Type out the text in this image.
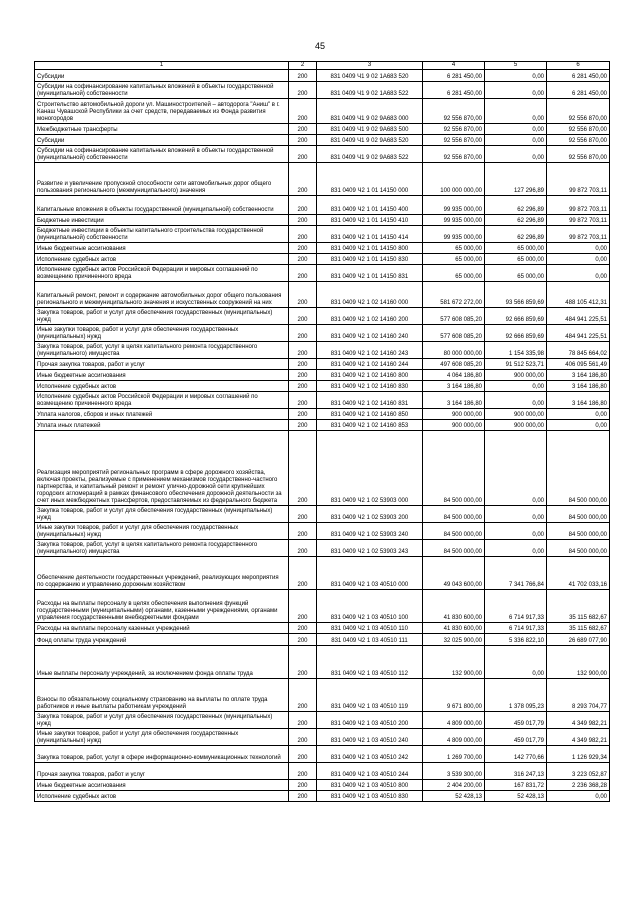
45
1	2	3	4	5	6
Субсидии	200	831 0409 Ч1 9 02 1А683 520	6 281 450,00	0,00	6 281 450,00
Субсидии на софинансирование капитальных вложений в объекты государственной (муниципальной) собственности	200	831 0409 Ч1 9 02 1А683 522	6 281 450,00	0,00	6 281 450,00
Строительство автомобильной дороги ул. Машиностроителей – автодорога "Аниш" в г. Канаш Чувашской Республики за счет средств, передаваемых из Фонда развития моногородов	200	831 0409 Ч1 9 02 9А683 000	92 556 870,00	0,00	92 556 870,00
Межбюджетные трансферты	200	831 0409 Ч1 9 02 9А683 500	92 556 870,00	0,00	92 556 870,00
Субсидии	200	831 0409 Ч1 9 02 9А683 520	92 556 870,00	0,00	92 556 870,00
Субсидии на софинансирование капитальных вложений в объекты государственной (муниципальной) собственности	200	831 0409 Ч1 9 02 9А683 522	92 556 870,00	0,00	92 556 870,00
Развитие и увеличение пропускной способности сети автомобильных дорог общего пользования регионального (межмуниципального) значения	200	831 0409 Ч2 1 01 14150 000	100 000 000,00	127 296,89	99 872 703,11
Капитальные вложения в объекты государственной (муниципальной) собственности	200	831 0409 Ч2 1 01 14150 400	99 935 000,00	62 296,89	99 872 703,11
Бюджетные инвестиции	200	831 0409 Ч2 1 01 14150 410	99 935 000,00	62 296,89	99 872 703,11
Бюджетные инвестиции в объекты капитального строительства государственной (муниципальной) собственности	200	831 0409 Ч2 1 01 14150 414	99 935 000,00	62 296,89	99 872 703,11
Иные бюджетные ассигнования	200	831 0409 Ч2 1 01 14150 800	65 000,00	65 000,00	0,00
Исполнение судебных актов	200	831 0409 Ч2 1 01 14150 830	65 000,00	65 000,00	0,00
Исполнение судебных актов Российской Федерации и мировых соглашений по возмещению причиненного вреда	200	831 0409 Ч2 1 01 14150 831	65 000,00	65 000,00	0,00
Капитальный ремонт, ремонт и содержание автомобильных дорог общего пользования регионального и межмуниципального значения и искусственных сооружений на них	200	831 0409 Ч2 1 02 14160 000	581 672 272,00	93 566 859,69	488 105 412,31
Закупка товаров, работ и услуг для обеспечения государственных (муниципальных) нужд	200	831 0409 Ч2 1 02 14160 200	577 608 085,20	92 666 859,69	484 941 225,51
Иные закупки товаров, работ и услуг для обеспечения государственных (муниципальных) нужд	200	831 0409 Ч2 1 02 14160 240	577 608 085,20	92 666 859,69	484 941 225,51
Закупка товаров, работ, услуг в целях капитального ремонта государственного (муниципального) имущества	200	831 0409 Ч2 1 02 14160 243	80 000 000,00	1 154 335,98	78 845 664,02
Прочая закупка товаров, работ и услуг	200	831 0409 Ч2 1 02 14160 244	497 608 085,20	91 512 523,71	406 095 561,49
Иные бюджетные ассигнования	200	831 0409 Ч2 1 02 14160 800	4 064 186,80	900 000,00	3 164 186,80
Исполнение судебных актов	200	831 0409 Ч2 1 02 14160 830	3 164 186,80	0,00	3 164 186,80
Исполнение судебных актов Российской Федерации и мировых соглашений по возмещению причиненного вреда	200	831 0409 Ч2 1 02 14160 831	3 164 186,80	0,00	3 164 186,80
Уплата налогов, сборов и иных платежей	200	831 0409 Ч2 1 02 14160 850	900 000,00	900 000,00	0,00
Уплата иных платежей	200	831 0409 Ч2 1 02 14160 853	900 000,00	900 000,00	0,00
Реализация мероприятий региональных программ в сфере дорожного хозяйства, включая проекты, реализуемые с применением механизмов государственно-частного партнерства, и капитальный ремонт и ремонт улично-дорожной сети крупнейших городских агломераций в рамках финансового обеспечения дорожной деятельности за счет иных межбюджетных трансфертов, предоставляемых из федерального бюджета	200	831 0409 Ч2 1 02 53903 000	84 500 000,00	0,00	84 500 000,00
Закупка товаров, работ и услуг для обеспечения государственных (муниципальных) нужд	200	831 0409 Ч2 1 02 53903 200	84 500 000,00	0,00	84 500 000,00
Иные закупки товаров, работ и услуг для обеспечения государственных (муниципальных) нужд	200	831 0409 Ч2 1 02 53903 240	84 500 000,00	0,00	84 500 000,00
Закупка товаров, работ, услуг в целях капитального ремонта государственного (муниципального) имущества	200	831 0409 Ч2 1 02 53903 243	84 500 000,00	0,00	84 500 000,00
Обеспечение деятельности государственных учреждений, реализующих мероприятия по содержанию и управлению дорожным хозяйством	200	831 0409 Ч2 1 03 40510 000	49 043 600,00	7 341 766,84	41 702 033,16
Расходы на выплаты персоналу в целях обеспечения выполнения функций государственными (муниципальными) органами, казенными учреждениями, органами управления государственными внебюджетными фондами	200	831 0409 Ч2 1 03 40510 100	41 830 600,00	6 714 917,33	35 115 682,67
Расходы на выплаты персоналу казенных учреждений	200	831 0409 Ч2 1 03 40510 110	41 830 600,00	6 714 917,33	35 115 682,67
Фонд оплаты труда учреждений	200	831 0409 Ч2 1 03 40510 111	32 025 900,00	5 336 822,10	26 689 077,90
Иные выплаты персоналу учреждений, за исключением фонда оплаты труда	200	831 0409 Ч2 1 03 40510 112	132 900,00	0,00	132 900,00
Взносы по обязательному социальному страхованию на выплаты по оплате труда работников и иные выплаты работникам учреждений	200	831 0409 Ч2 1 03 40510 119	9 671 800,00	1 378 095,23	8 293 704,77
Закупка товаров, работ и услуг для обеспечения государственных (муниципальных) нужд	200	831 0409 Ч2 1 03 40510 200	4 809 000,00	459 017,79	4 349 982,21
Иные закупки товаров, работ и услуг для обеспечения государственных (муниципальных) нужд	200	831 0409 Ч2 1 03 40510 240	4 809 000,00	459 017,79	4 349 982,21
Закупка товаров, работ, услуг в сфере информационно-коммуникационных технологий	200	831 0409 Ч2 1 03 40510 242	1 269 700,00	142 770,66	1 126 929,34
Прочая закупка товаров, работ и услуг	200	831 0409 Ч2 1 03 40510 244	3 539 300,00	316 247,13	3 223 052,87
Иные бюджетные ассигнования	200	831 0409 Ч2 1 03 40510 800	2 404 200,00	167 831,72	2 236 368,28
Исполнение судебных актов	200	831 0409 Ч2 1 03 40510 830	52 428,13	52 428,13	0,00
